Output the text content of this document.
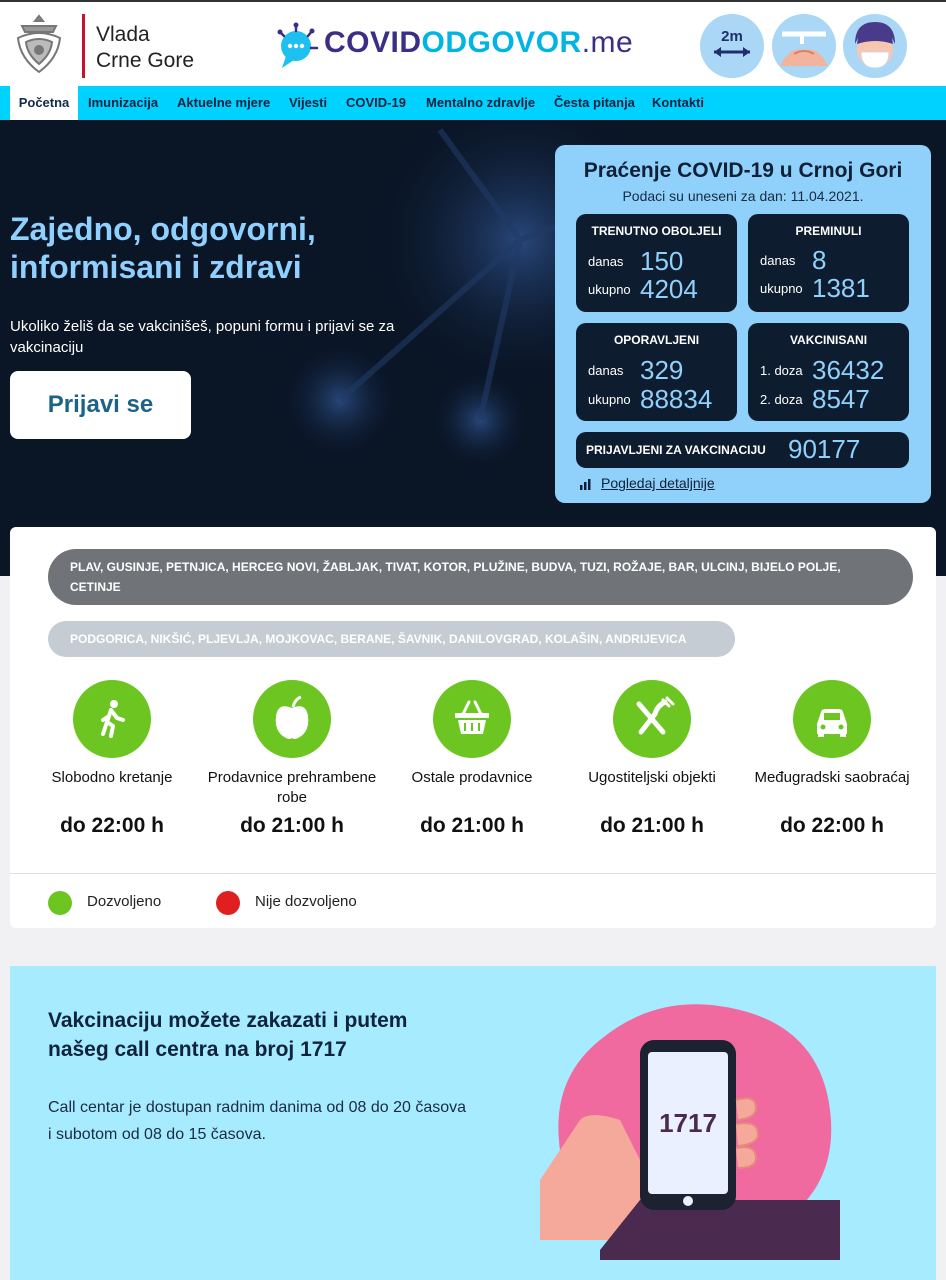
Vlada
Crne Gore
COVIDODGOVOR.me	2m
Početna	Imunizacija Aktuelne mjere Vijesti COVID-19 Mentalno zdravlje Česta pitanja Kontakti
Zajedno, odgovorni, informisani i zdravi
Ukoliko želiš da se vakcinišeš, popuni formu i prijavi se za vakcinaciju
Prijavi se
Praćenje COVID-19 u Crnoj Gori
Podaci su uneseni za dan: 11.04.2021.
TRENUTNO OBOLJELI
danas 150
ukupno 4204
PREMINULI
danas 8
ukupno 1381
OPORAVLJENI
danas 329
ukupno 88834
VAKCINISANI
1. doza 36432
2. doza 8547
PRIJAVLJENI ZA VAKCINACIJU 90177
Pogledaj detaljnije
PLAV, GUSINJE, PETNJICA, HERCEG NOVI, ŽABLJAK, TIVAT, KOTOR, PLUŽINE, BUDVA, TUZI, ROŽAJE, BAR, ULCINJ, BIJELO POLJE, CETINJE
PODGORICA, NIKŠIĆ, PLJEVLJA, MOJKOVAC, BERANE, ŠAVNIK, DANILOVGRAD, KOLAŠIN, ANDRIJEVICA
Slobodno kretanje
do 22:00 h
Prodavnice prehrambene robe
do 21:00 h
Ostale prodavnice
do 21:00 h
Ugostiteljski objekti
do 21:00 h
Međugradski saobraćaj
do 22:00 h
Dozvoljeno	Nije dozvoljeno
Vakcinaciju možete zakazati i putem našeg call centra na broj 1717
Call centar je dostupan radnim danima od 08 do 20 časova
i subotom od 08 do 15 časova.	1717
